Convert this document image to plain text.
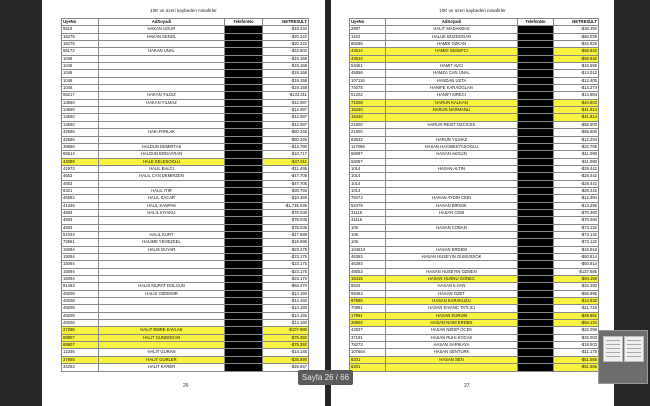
10K ve üzeri kaybeden misafirler
UyeNo	AdSoyadi	TelefonNo	NETRESULT
5619	HAKAN UGUR		-$19.234
16275	HAKAN SENOL		-$20.222
16275			-$20.222
65172	HAKAN UNAL		-$22.802
1046			-$19.158
1046			-$19.158
1046			-$19.158
1046			-$19.158
1046			-$19.158
55217	HAKAN YILDIZ		-$134.311
13660	HAKAN YILMAZ		-$12.087
13660			-$12.087
13660			-$12.087
13660			-$12.087
32666	HAKI PARLAK		-$80.346
32666			-$80.346
39656	HALDUN DEMIRTAS		-$13.780
85514	HALDUN ERDAYRAN		-$10.717
44089	HALE KELESOGLU		-$47.611
41973	HALIL BALCI		-$11.495
4653	HALIL CAN DEMIRZEN		-$47.705
4653			-$47.705
8321	HALIL ITIR		-$30.793
46582	HALIL KACAR		-$10.459
41345	HALIL KANPAK		-$1.735.035
4593	HALIL KIYAKLI		-$78.036
4593			-$78.036
4593			-$78.036
51033	HALIL KURT		-$17.589
72551	HALIME YEHEZKEL		-$19.696
15094	HALIS DUYAR		-$23.175
15094			-$23.175
15094			-$23.175
15094			-$23.175
15094			-$23.175
81463	HALIS MURAT DOLGUN		-$64.470
49208	HALIS OZDEMIR		-$14.160
49208			-$14.160
49208			-$14.160
49208			-$14.160
49208			-$14.160
27265	HALIT EMRE KAVLAK		-$107.980
69907	HALIT GUNDOGAN		-$75.392
69907			-$75.392
12346	HALIT GURAN		-$14.145
37855	HALIT GURLER		-$35.890
34253	HALIT KARER		-$28.657
26
10K ve üzeri kaybeden misafirler
UyeNo	AdSoyadi	TelefonNo	NETRESULT
2897	HALIT MADAKBAS		-$38.450
1422	HALUK BOZDOGAN		-$60.039
86286	HAMDI OZKAN		-$42.828
43514	HAMDI SEDEFCI		-$56.842
43514			-$56.842
53451	HAMIT AVCI		-$16.595
45856	HAMZA CAN UNAL		-$14.012
107116	HANDAN USTA		-$12.405
74075	HANIFE KARAOGLAN		-$14.274
51202	HANIFI SIRECI		-$14.884
71508	HARUN KALKAN		-$44.803
15340	HARUN NARMANLI		-$41.814
15340			-$41.814
21800	HARUN RESIT OZCICEK		-$55.500
21800			-$55.500
83832	HARUN YILMAZ		-$12.294
117088	HASAN HACIBEKTASOGLU		-$22.765
56087	HASAN AKGUN		-$11.090
56087			-$11.090
1014	HASAN ALTIN		-$28.442
1014			-$28.442
1014			-$28.442
1014			-$28.442
78473	HASAN AYDIN CEBI		-$12.394
52479	HASAN BIRISIK		-$13.295
31116	HASAN CEBI		-$70.460
31116			-$70.460
106	HASAN COBAN		-$73.132
106			-$73.132
106			-$73.132
104613	HASAN ERDEM		-$15.916
46393	HASAN HUSEYIN GUMUSSOK		-$50.814
46393			-$50.814
49053	HASAN HUSEYIN OZMEN		-$137.685
16415	HASAN HUSNU GONEC		-$94.159
5844	HASAN ILHAN		-$34.393
69453	HASAN OZET		-$56.895
87595	HASAN KARAKUZU		-$13.933
70861	HASAN KIVANC TATLICI		-$11.715
17951	HASAN KURUM		-$49.961
28902	HASAN NAIM ERDEN		-$94.124
42937	HASAN NEDIP OCEK		-$22.096
37191	HASAN RUHI KOCAK		-$33.003
78273	HASAN SARIKAYA		-$18.503
107664	HASAN SENTURK		-$11.175
8201	HASAN SEN		-$51.555
8201			-$51.555
27
Sayfa 26 / 66
